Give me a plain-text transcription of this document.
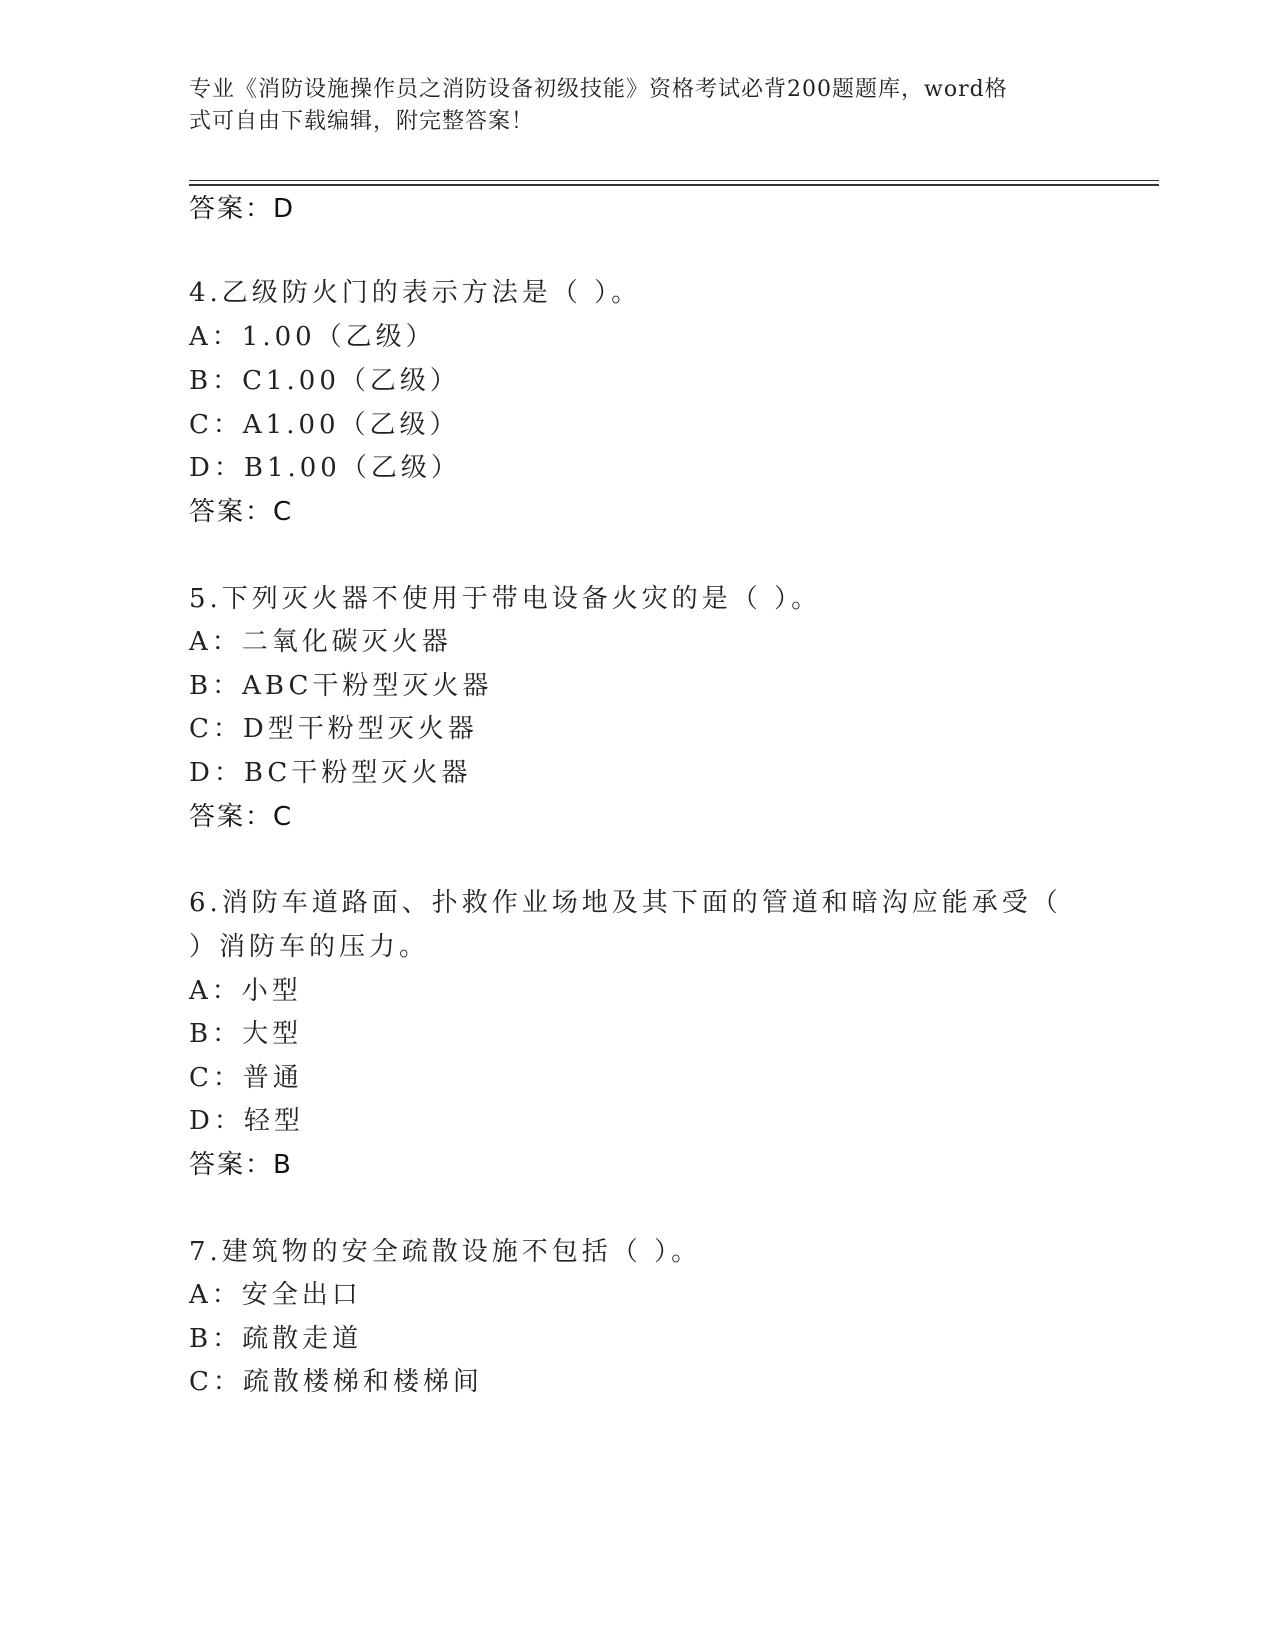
专业《消防设施操作员之消防设备初级技能》资格考试必背200题题库，word格
式可自由下载编辑，附完整答案！
答案：D
4.乙级防火门的表示方法是（ ）。
A：1.00（乙级）
B：C1.00（乙级）
C：A1.00（乙级）
D：B1.00（乙级）
答案：C
5.下列灭火器不使用于带电设备火灾的是（ ）。
A：二氧化碳灭火器
B：ABC干粉型灭火器
C：D型干粉型灭火器
D：BC干粉型灭火器
答案：C
6.消防车道路面、扑救作业场地及其下面的管道和暗沟应能承受（
）消防车的压力。
A：小型
B：大型
C：普通
D：轻型
答案：B
7.建筑物的安全疏散设施不包括（ ）。
A：安全出口
B：疏散走道
C：疏散楼梯和楼梯间
